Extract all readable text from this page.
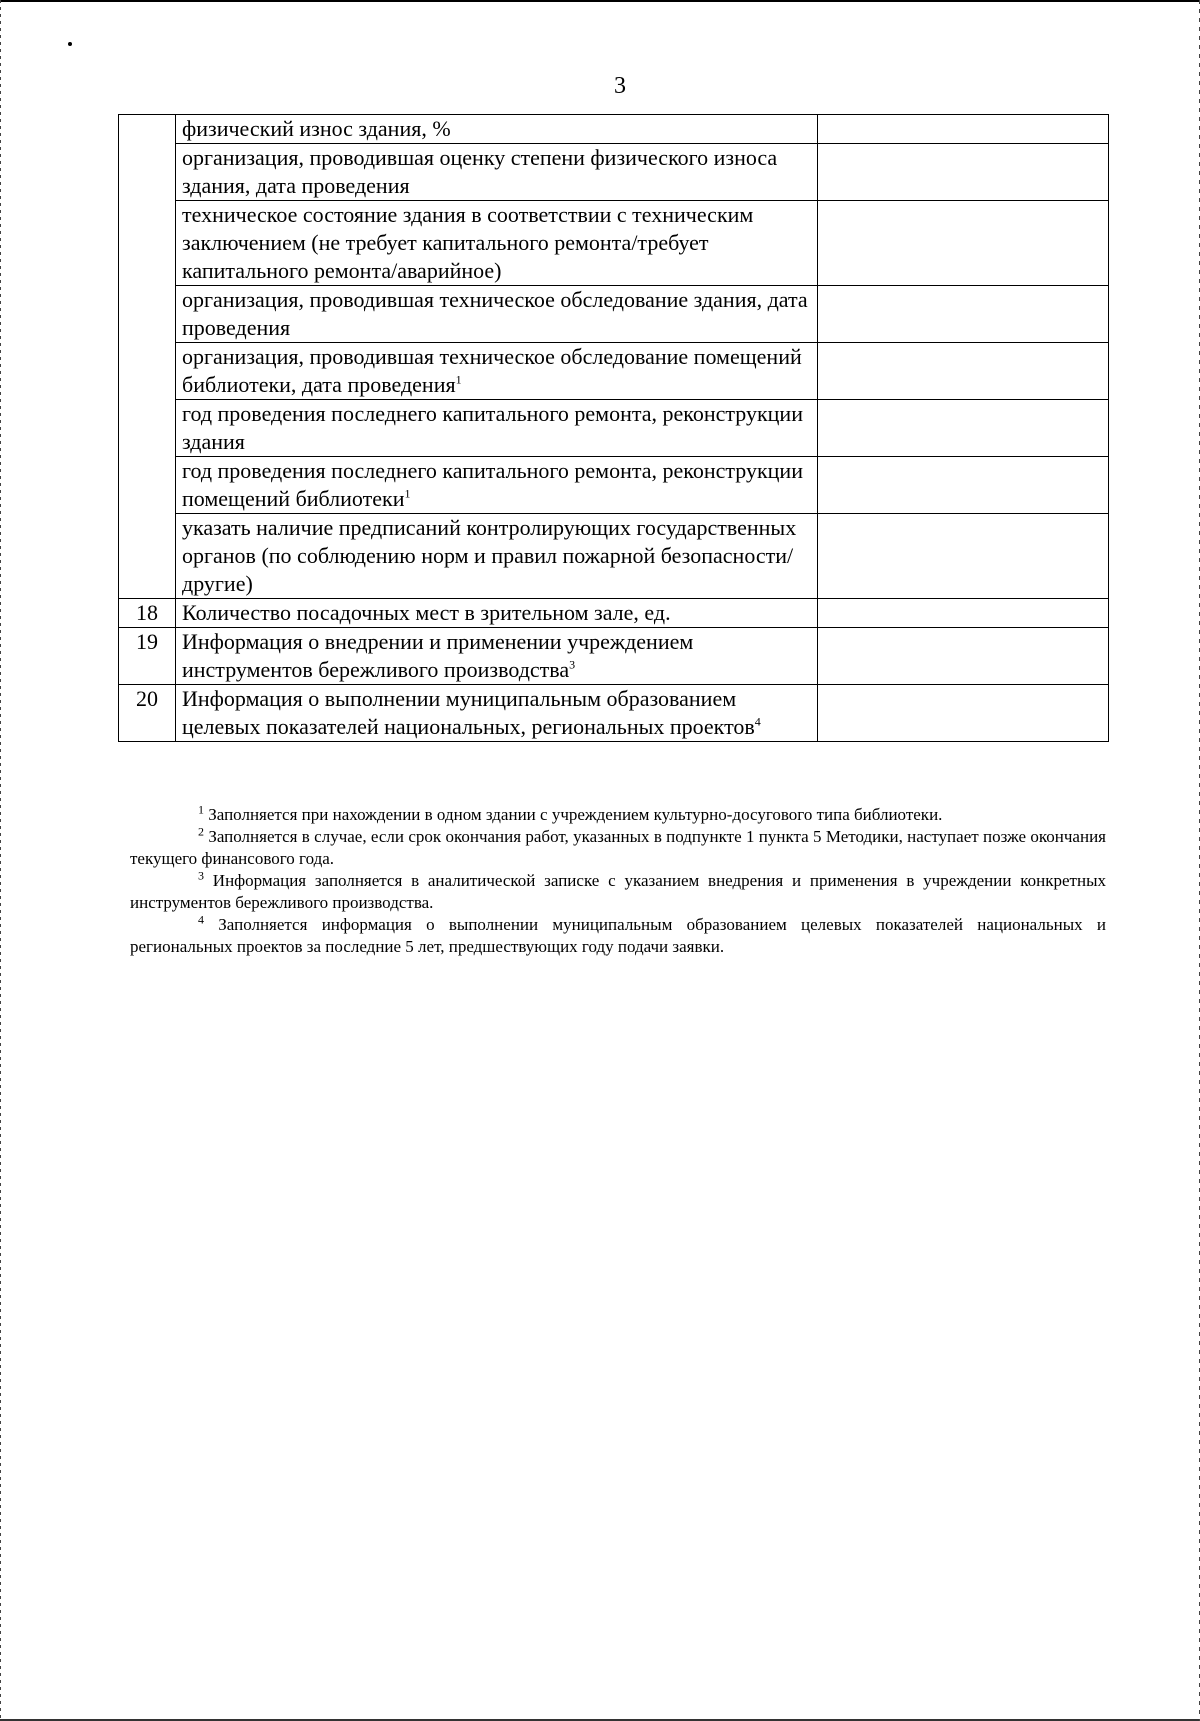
3
	физический износ здания, %	
	организация, проводившая оценку степени физического износа здания, дата проведения	
	техническое состояние здания в соответствии с техническим заключением (не требует капитального ремонта/требует капитального ремонта/аварийное)	
	организация, проводившая техническое обследование здания, дата проведения	
	организация, проводившая техническое обследование помещений библиотеки, дата проведения$^1$	
	год проведения последнего капитального ремонта, реконструкции здания	
	год проведения последнего капитального ремонта, реконструкции помещений библиотеки$^1$	
	указать наличие предписаний контролирующих государственных органов (по соблюдению норм и правил пожарной безопасности/другие)	
18	Количество посадочных мест в зрительном зале, ед.	
19	Информация о внедрении и применении учреждением инструментов бережливого производства$^3$	
20	Информация о выполнении муниципальным образованием целевых показателей национальных, региональных проектов$^4$	

$^1$ Заполняется при нахождении в одном здании с учреждением культурно-досугового типа библиотеки.

$^2$ Заполняется в случае, если срок окончания работ, указанных в подпункте 1 пункта 5 Методики, наступает позже окончания текущего финансового года.

$^3$ Информация заполняется в аналитической записке с указанием внедрения и применения в учреждении конкретных инструментов бережливого производства.

$^4$ Заполняется информация о выполнении муниципальным образованием целевых показателей национальных и региональных проектов за последние 5 лет, предшествующих году подачи заявки.
